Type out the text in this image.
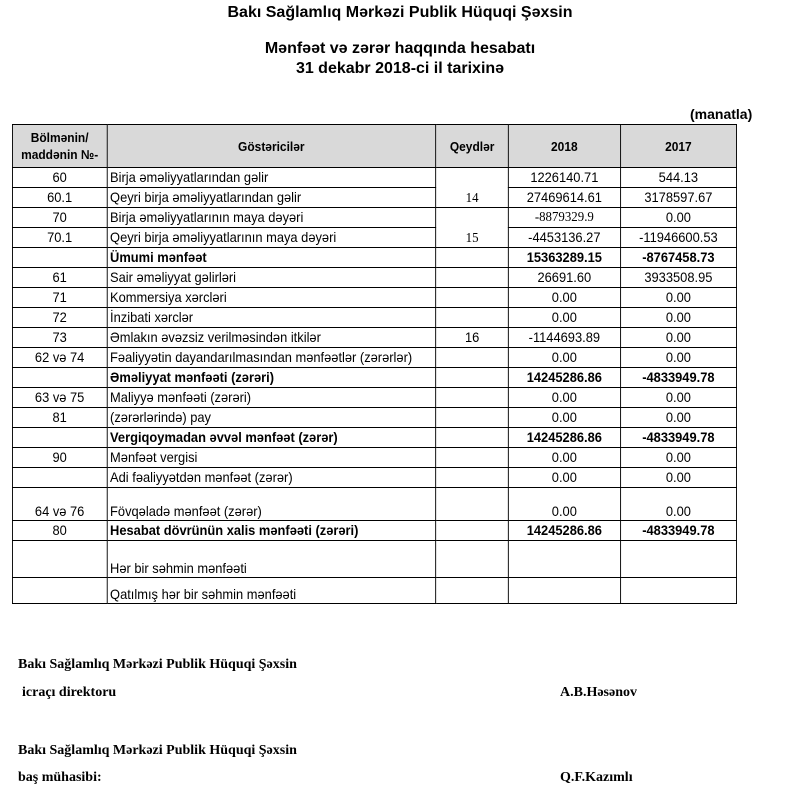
Bakı Sağlamlıq Mərkəzi Publik Hüquqi Şəxsin
Mənfəət və zərər haqqında hesabatı
31 dekabr 2018-ci il tarixinə
(manatla)
Bölmənin/ maddənin №-	Göstəricilər	Qeydlər	2018	2017
60	Birja əməliyyatlarından gəlir	14	1226140.71	544.13
60.1	Qeyri birja əməliyyatlarından gəlir		27469614.61	3178597.67
70	Birja əməliyyatlarının maya dəyəri	15	-8879329.9	0.00
70.1	Qeyri birja əməliyyatlarının maya dəyəri		-4453136.27	-11946600.53
	Ümumi mənfəət		15363289.15	-8767458.73
61	Sair əməliyyat gəlirləri		26691.60	3933508.95
71	Kommersiya xərcləri		0.00	0.00
72	İnzibati xərclər		0.00	0.00
73	Əmlakın əvəzsiz verilməsindən itkilər	16	-1144693.89	0.00
62 və 74	Fəaliyyətin dayandarılmasından mənfəətlər (zərərlər)		0.00	0.00
	Əməliyyat mənfəəti (zərəri)		14245286.86	-4833949.78
63 və 75	Maliyyə mənfəəti (zərəri)		0.00	0.00
81	(zərərlərində) pay		0.00	0.00
	Vergiqoymadan əvvəl mənfəət (zərər)		14245286.86	-4833949.78
90	Mənfəət vergisi		0.00	0.00
	Adi fəaliyyətdən mənfəət (zərər)		0.00	0.00
64 və 76	Fövqəladə mənfəət (zərər)		0.00	0.00
80	Hesabat dövrünün xalis mənfəəti (zərəri)		14245286.86	-4833949.78
	Hər bir səhmin mənfəəti			
	Qatılmış hər bir səhmin mənfəəti			
Bakı Sağlamlıq Mərkəzi Publik Hüquqi Şəxsin
icraçı direktoru	A.B.Həsənov
Bakı Sağlamlıq Mərkəzi Publik Hüquqi Şəxsin
baş mühasibi:	Q.F.Kazımlı
